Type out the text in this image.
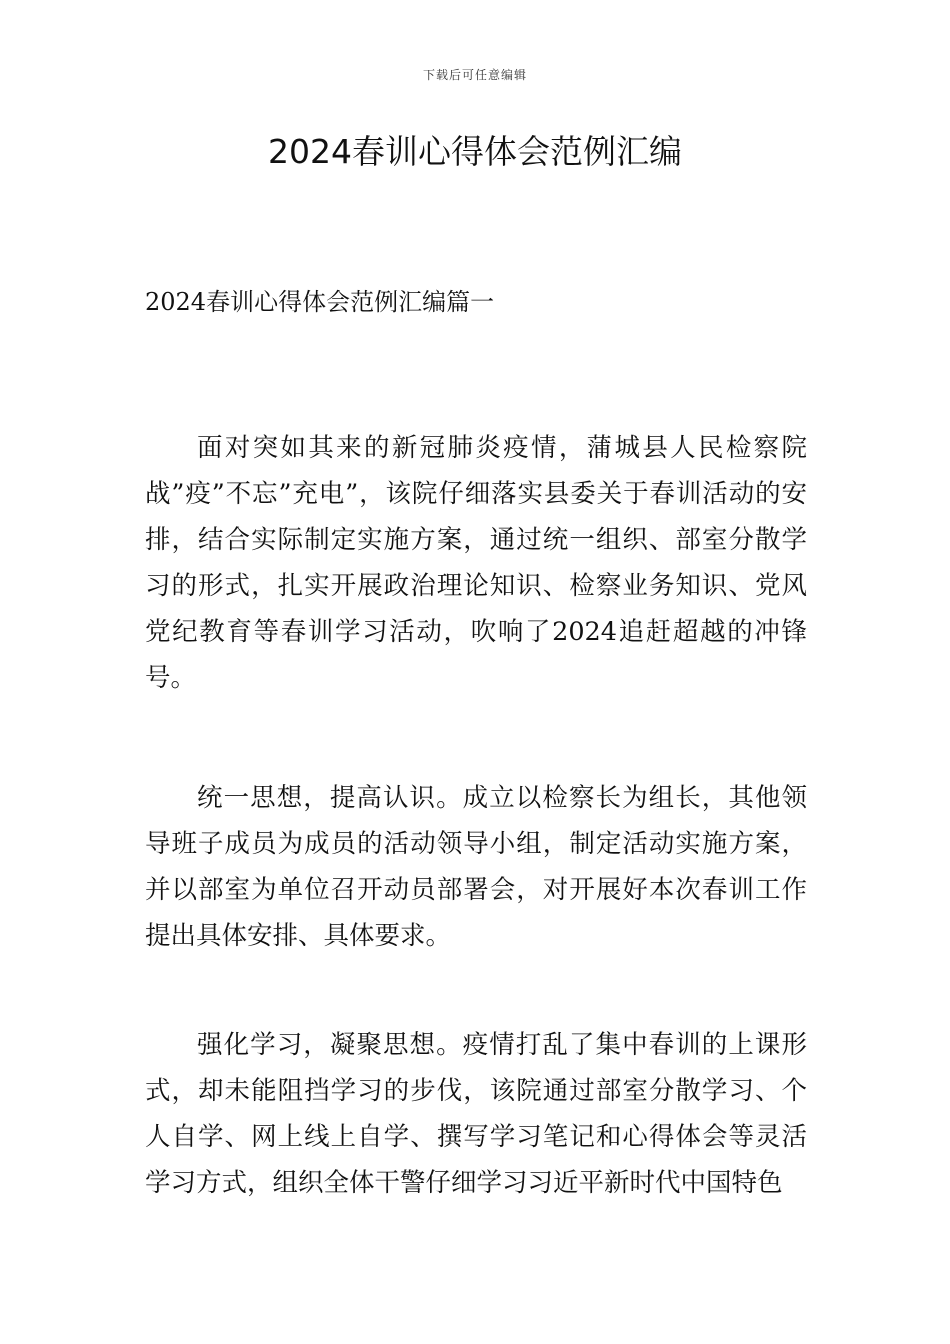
下载后可任意编辑
2024春训心得体会范例汇编
2024春训心得体会范例汇编篇一

面对突如其来的新冠肺炎疫情，蒲城县人民检察院战”疫”不忘”充电”，该院仔细落实县委关于春训活动的安排，结合实际制定实施方案，通过统一组织、部室分散学习的形式，扎实开展政治理论知识、检察业务知识、党风党纪教育等春训学习活动，吹响了2024追赶超越的冲锋号。

统一思想，提高认识。成立以检察长为组长，其他领导班子成员为成员的活动领导小组，制定活动实施方案，并以部室为单位召开动员部署会，对开展好本次春训工作提出具体安排、具体要求。

强化学习，凝聚思想。疫情打乱了集中春训的上课形式，却未能阻挡学习的步伐，该院通过部室分散学习、个人自学、网上线上自学、撰写学习笔记和心得体会等灵活学习方式，组织全体干警仔细学习习近平新时代中国特色
